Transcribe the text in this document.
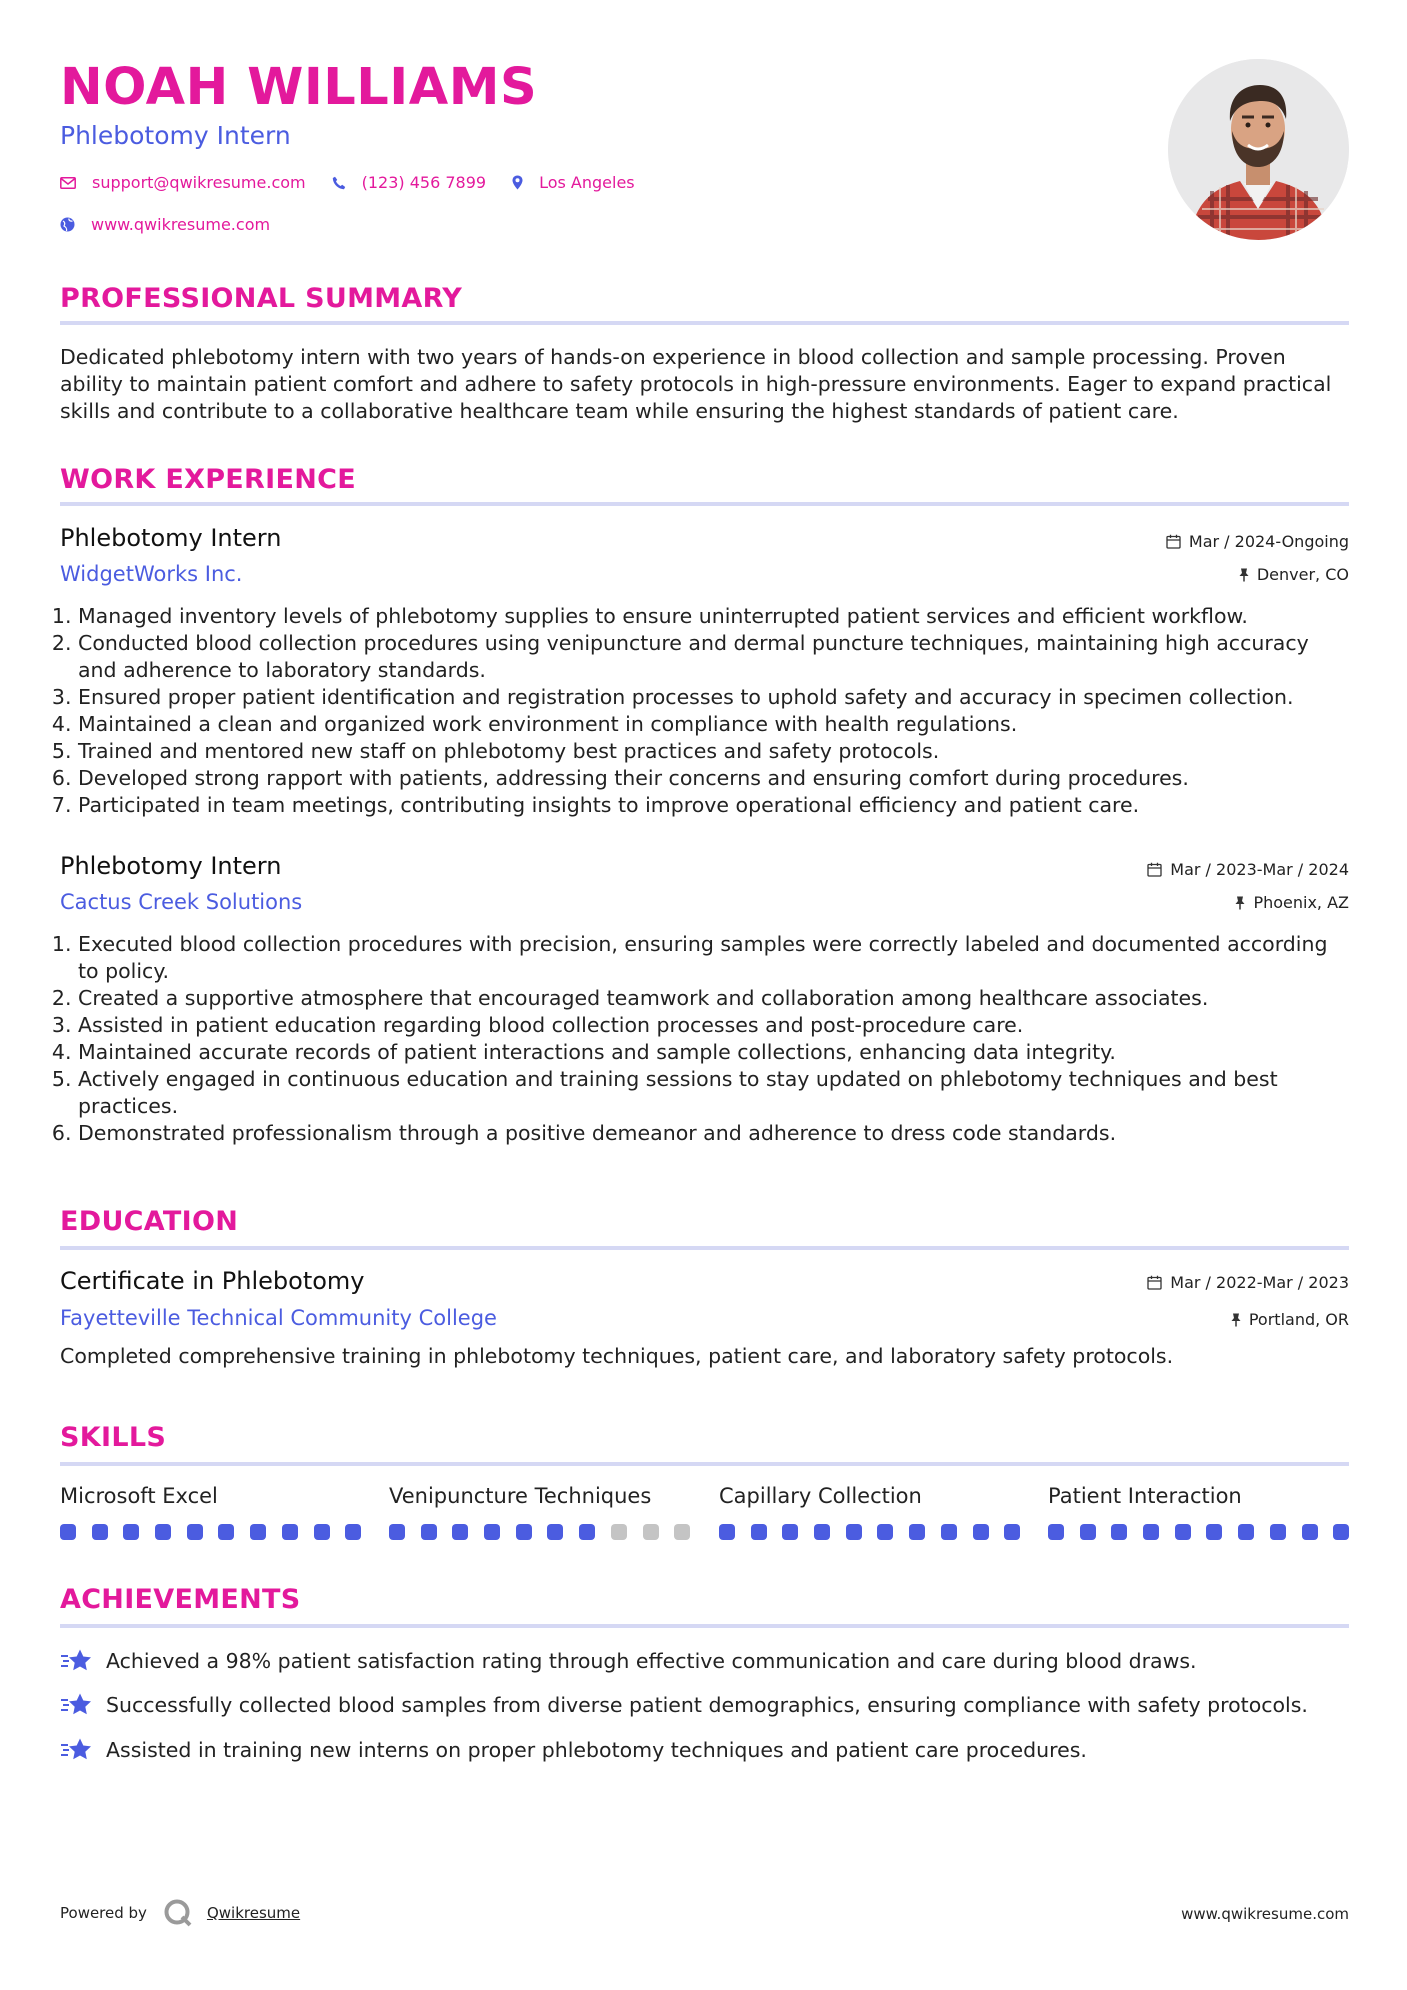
NOAH WILLIAMS
Phlebotomy Intern
support@qwikresume.com	(123) 456 7899	Los Angeles
www.qwikresume.com
PROFESSIONAL SUMMARY
Dedicated phlebotomy intern with two years of hands-on experience in blood collection and sample processing. Proven ability to maintain patient comfort and adhere to safety protocols in high-pressure environments. Eager to expand practical skills and contribute to a collaborative healthcare team while ensuring the highest standards of patient care.
WORK EXPERIENCE
Phlebotomy Intern	Mar / 2024-Ongoing
WidgetWorks Inc.	Denver, CO
1. Managed inventory levels of phlebotomy supplies to ensure uninterrupted patient services and efficient workflow.
2. Conducted blood collection procedures using venipuncture and dermal puncture techniques, maintaining high accuracy and adherence to laboratory standards.
3. Ensured proper patient identification and registration processes to uphold safety and accuracy in specimen collection.
4. Maintained a clean and organized work environment in compliance with health regulations.
5. Trained and mentored new staff on phlebotomy best practices and safety protocols.
6. Developed strong rapport with patients, addressing their concerns and ensuring comfort during procedures.
7. Participated in team meetings, contributing insights to improve operational efficiency and patient care.
Phlebotomy Intern	Mar / 2023-Mar / 2024
Cactus Creek Solutions	Phoenix, AZ
1. Executed blood collection procedures with precision, ensuring samples were correctly labeled and documented according to policy.
2. Created a supportive atmosphere that encouraged teamwork and collaboration among healthcare associates.
3. Assisted in patient education regarding blood collection processes and post-procedure care.
4. Maintained accurate records of patient interactions and sample collections, enhancing data integrity.
5. Actively engaged in continuous education and training sessions to stay updated on phlebotomy techniques and best practices.
6. Demonstrated professionalism through a positive demeanor and adherence to dress code standards.
EDUCATION
Certificate in Phlebotomy	Mar / 2022-Mar / 2023
Fayetteville Technical Community College	Portland, OR
Completed comprehensive training in phlebotomy techniques, patient care, and laboratory safety protocols.
SKILLS
Microsoft Excel	Venipuncture Techniques	Capillary Collection	Patient Interaction
ACHIEVEMENTS
Achieved a 98% patient satisfaction rating through effective communication and care during blood draws.
Successfully collected blood samples from diverse patient demographics, ensuring compliance with safety protocols.
Assisted in training new interns on proper phlebotomy techniques and patient care procedures.
Powered by	Qwikresume	www.qwikresume.com
